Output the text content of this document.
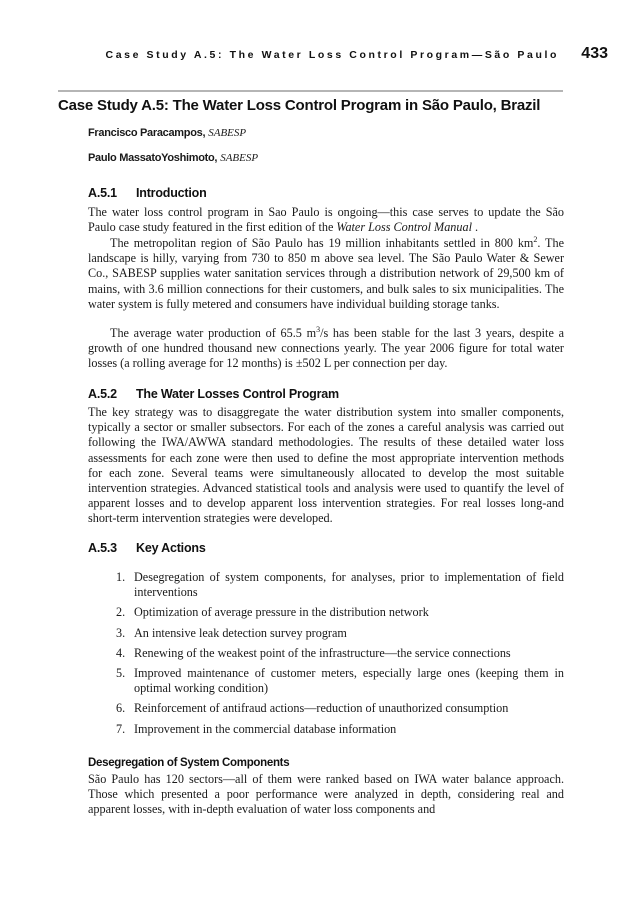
Case Study A.5: The Water Loss Control Program—São Paulo 433
Case Study A.5: The Water Loss Control Program in São Paulo, Brazil
Francisco Paracampos, SABESP
Paulo MassatoYoshimoto, SABESP
A.5.1 Introduction

The water loss control program in Sao Paulo is ongoing—this case serves to update the São Paulo case study featured in the first edition of the Water Loss Control Manual .

The metropolitan region of São Paulo has 19 million inhabitants settled in 800 $km^2$. The landscape is hilly, varying from 730 to 850 m above sea level. The São Paulo Water & Sewer Co., SABESP supplies water sanitation services through a distribution network of 29,500 km of mains, with 3.6 million connections for their customers, and bulk sales to six municipalities. The water system is fully metered and consumers have individual building storage tanks.

The average water production of 65.5 $m^3/s$ has been stable for the last 3 years, despite a growth of one hundred thousand new connections yearly. The year 2006 figure for total water losses (a rolling average for 12 months) is ±502 L per connection per day.

A.5.2 The Water Losses Control Program

The key strategy was to disaggregate the water distribution system into smaller components, typically a sector or smaller subsectors. For each of the zones a careful analysis was carried out following the IWA/AWWA standard methodologies. The results of these detailed water loss assessments for each zone were then used to define the most appropriate intervention methods for each zone. Several teams were simultaneously allocated to develop the most suitable intervention strategies. Advanced statistical tools and analysis were used to quantify the level of apparent losses and to develop apparent loss intervention strategies. For real losses long-and short-term intervention strategies were developed.

A.5.3 Key Actions
1. Desegregation of system components, for analyses, prior to implementation of field interventions
2. Optimization of average pressure in the distribution network
3. An intensive leak detection survey program
4. Renewing of the weakest point of the infrastructure—the service connections
5. Improved maintenance of customer meters, especially large ones (keeping them in optimal working condition)
6. Reinforcement of antifraud actions—reduction of unauthorized consumption
7. Improvement in the commercial database information
Desegregation of System Components

São Paulo has 120 sectors—all of them were ranked based on IWA water balance approach. Those which presented a poor performance were analyzed in depth, considering real and apparent losses, with in-depth evaluation of water loss components and
